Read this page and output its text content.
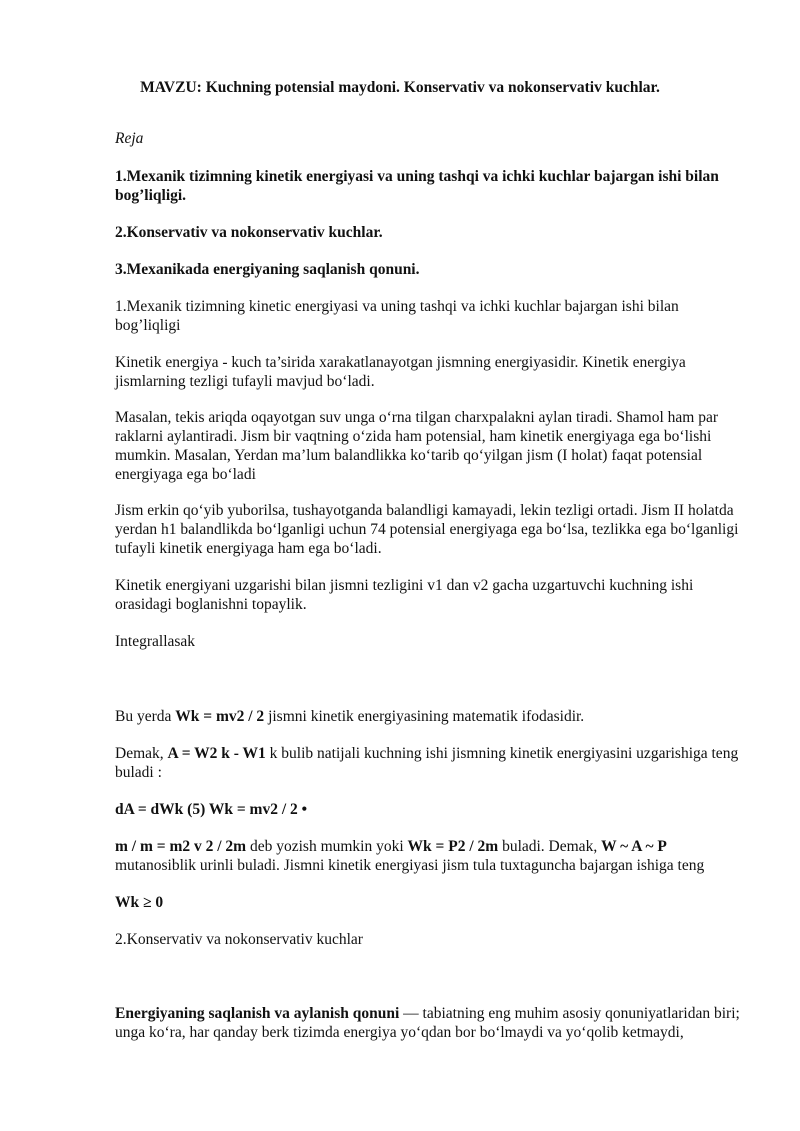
MAVZU: Kuchning potensial maydoni. Konservativ va nokonservativ kuchlar.

Reja

1.Mexanik tizimning kinetik energiyasi va uning tashqi va ichki kuchlar bajargan ishi bilan bog’liqligi.

2.Konservativ va nokonservativ kuchlar.

3.Mexanikada energiyaning saqlanish qonuni.

1.Mexanik tizimning kinetic energiyasi va uning tashqi va ichki kuchlar bajargan ishi bilan bog’liqligi

Kinetik energiya - kuch ta’sirida xarakatlanayotgan jismning energiyasidir. Kinetik energiya jismlarning tezligi tufayli mavjud bo‘ladi.

Masalan, tekis ariqda oqayotgan suv unga o‘rna tilgan charxpalakni aylan tiradi. Shamol ham par raklarni aylantiradi. Jism bir vaqtning o‘zida ham potensial, ham kinetik energiyaga ega bo‘lishi mumkin. Masalan, Yerdan ma’lum balandlikka ko‘tarib qo‘yilgan jism (I holat) faqat potensial energiyaga ega bo‘ladi

Jism erkin qo‘yib yuborilsa, tushayotganda balandligi kamayadi, lekin tezligi ortadi. Jism II holatda yerdan h1 balandlikda bo‘lganligi uchun 74 potensial energiyaga ega bo‘lsa, tezlikka ega bo‘lganligi tufayli kinetik energiyaga ham ega bo‘ladi.

Kinetik energiyani uzgarishi bilan jismni tezligini v1 dan v2 gacha uzgartuvchi kuchning ishi orasidagi boglanishni topaylik.

Integrallasak

Bu yerda Wk = mv2 / 2 jismni kinetik energiyasining matematik ifodasidir.

Demak, A = W2 k - W1 k bulib natijali kuchning ishi jismning kinetik energiyasini uzgarishiga teng buladi :

dA = dWk (5) Wk = mv2 / 2 •

m / m = m2 v 2 / 2m deb yozish mumkin yoki Wk = P2 / 2m buladi. Demak, W ~ A ~ P mutanosiblik urinli buladi. Jismni kinetik energiyasi jism tula tuxtaguncha bajargan ishiga teng

Wk ≥ 0

2.Konservativ va nokonservativ kuchlar

Energiyaning saqlanish va aylanish qonuni — tabiatning eng muhim asosiy qonuniyatlaridan biri; unga ko‘ra, har qanday berk tizimda energiya yo‘qdan bor bo‘lmaydi va yo‘qolib ketmaydi,
